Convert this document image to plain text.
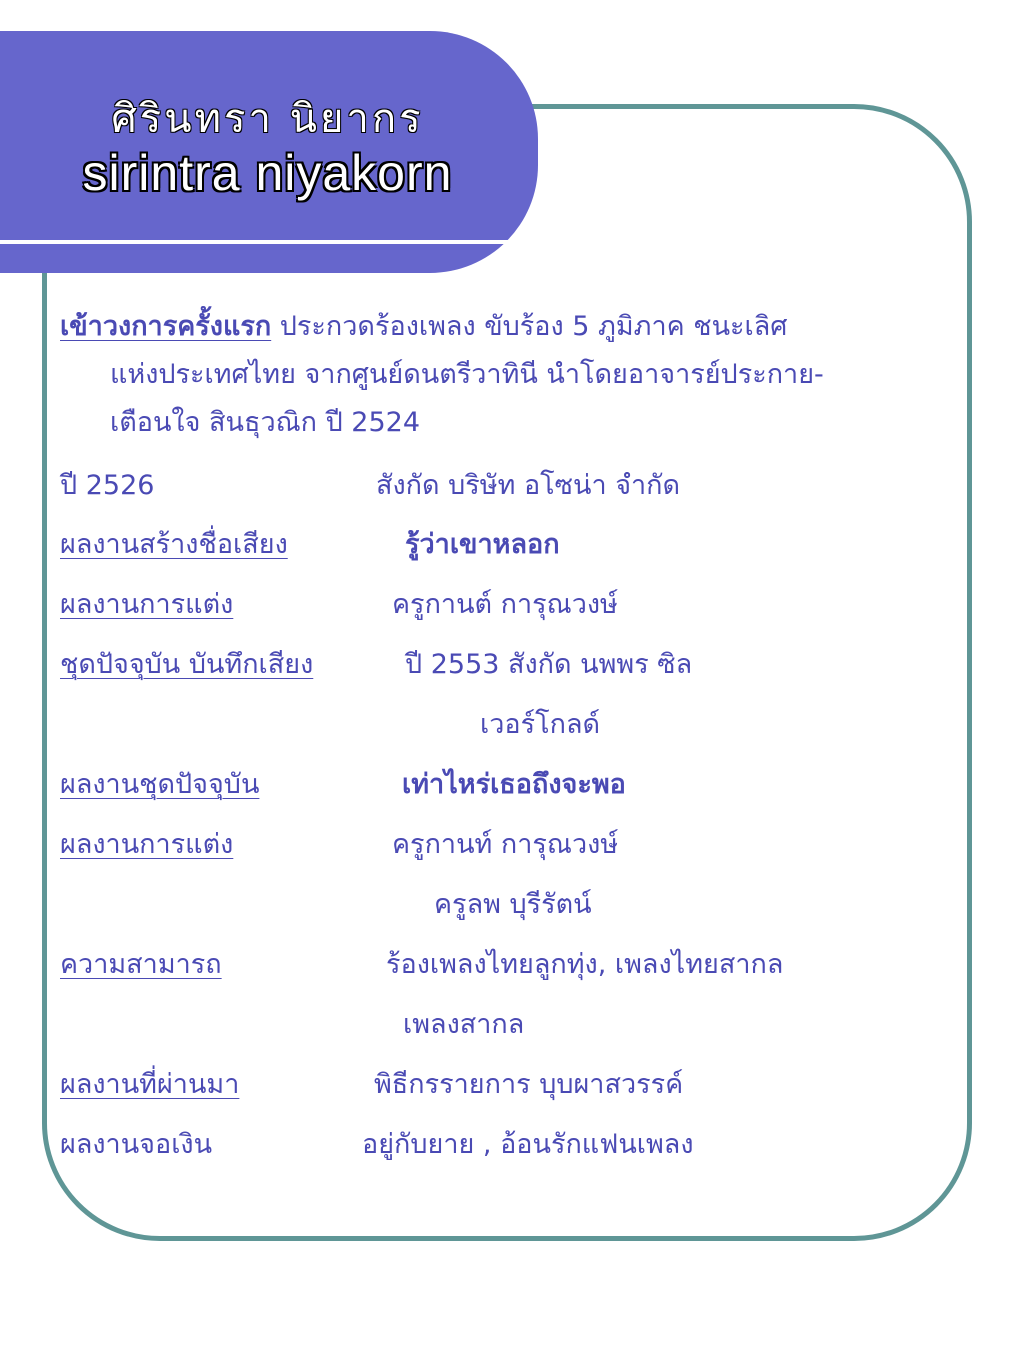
ศิรินทรา นิยากร
sirintra niyakorn
เข้าวงการครั้งแรก ประกวดร้องเพลง ขับร้อง 5 ภูมิภาค ชนะเลิศ
แห่งประเทศไทย จากศูนย์ดนตรีวาทินี นำโดยอาจารย์ประกาย-
เตือนใจ สินธุวณิก ปี 2524
ปี 2526	สังกัด บริษัท อโซน่า จำกัด
ผลงานสร้างชื่อเสียง	รู้ว่าเขาหลอก
ผลงานการแต่ง	ครูกานต์ การุณวงษ์
ชุดปัจจุบัน บันทึกเสียง	ปี 2553 สังกัด นพพร ซิล
เวอร์โกลด์
ผลงานชุดปัจจุบัน	เท่าไหร่เธอถึงจะพอ
ผลงานการแต่ง	ครูกานท์ การุณวงษ์
ครูลพ บุรีรัตน์
ความสามารถ	ร้องเพลงไทยลูกทุ่ง, เพลงไทยสากล
เพลงสากล
ผลงานที่ผ่านมา	พิธีกรรายการ บุบผาสวรรค์
ผลงานจอเงิน	อยู่กับยาย , อ้อนรักแฟนเพลง
